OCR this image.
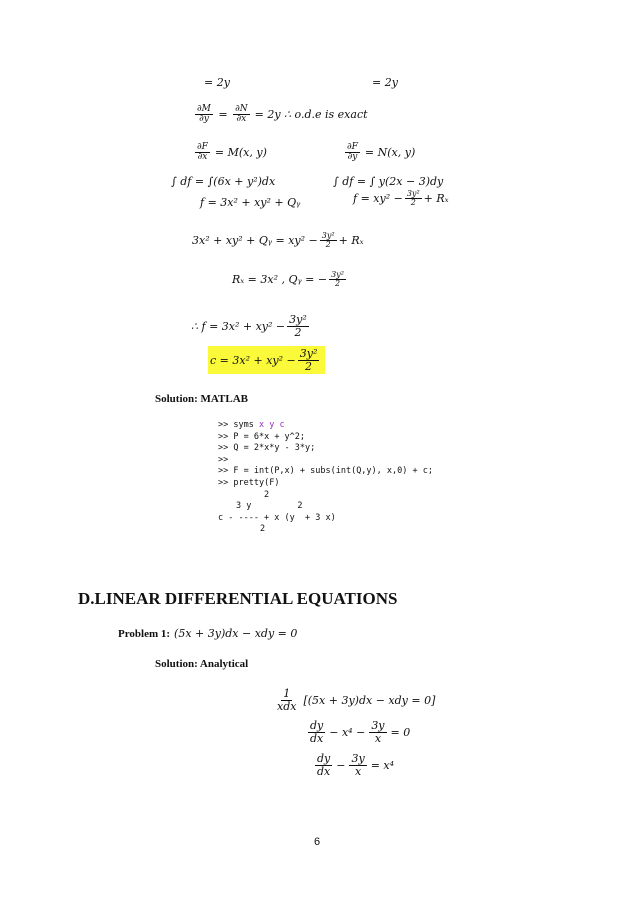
= 2y	= 2y
$\frac{\partial M}{\partial y} = \frac{\partial N}{\partial x} = 2y$ ∴ o.d.e is exact
$\frac{\partial F}{\partial x} = M(x$, y)	$\frac{\partial F}{\partial y} = N(x$, y)
∫ df = ∫(6x + y²)dx	∫ df = ∫ y(2x − 3)dy
f = 3x² + xy² + Qᵧ	$f = xy^2 - \frac{\text{3y²}}{2} + R_x$
3x² + xy² + Qᵧ = $xy^2 - \frac{\text{3y²}}{2} + R_x$
Rₓ = 3x² , Qᵧ = − $\frac{\text{3y²}}{2}$
∴ $f = 3x^2 + xy^2 - \frac{\text{3y²}}{2}$
$c = 3x^2 + xy^2 - \frac{\text{3y²}}{2}$
Solution: MATLAB
>> syms x y c
>> P = 6*x + y^2;
>> Q = 2*x*y - 3*y;
>>
>> F = int(P,x) + subs(int(Q,y), x,0) + c;
>> pretty(F)
2
3 y         2
c - ---- + x (y  + 3 x)
2
D.LINEAR DIFFERENTIAL EQUATIONS
Problem 1: (5x + 3y)dx − xdy = 0
Solution: Analytical
$\frac{1}{\text{xdx}} [(5x + 3y)dx$ − xdy = 0]
$\frac{dy}{dx} - x^4 - \frac{3y}{x} = 0$
$\frac{dy}{dx} - \frac{3y}{x} = x^4$
6
